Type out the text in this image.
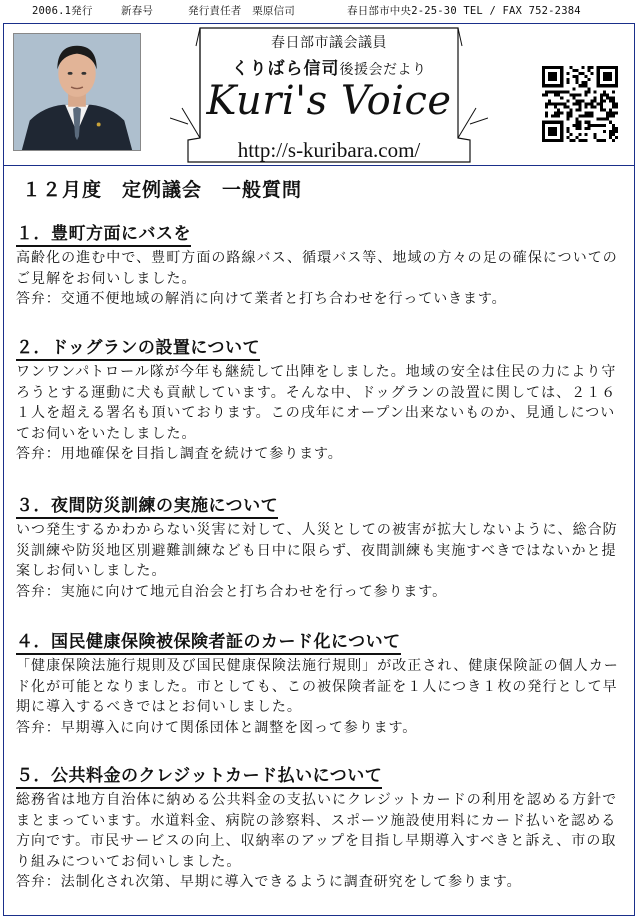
2006.1発行	新春号	発行責任者　栗原信司	春日部市中央2-25-30 TEL / FAX 752-2384
春日部市議会議員
くりばら信司後援会だより
Kuri's Voice
http://s-kuribara.com/
１２月度　定例議会　一般質問
１．豊町方面にバスを
高齢化の進む中で、豊町方面の路線バス、循環バス等、地域の方々の足の確保についてのご見解をお伺いしました。
答弁：交通不便地域の解消に向けて業者と打ち合わせを行っていきます。
２．ドッグランの設置について
ワンワンパトロール隊が今年も継続して出陣をしました。地域の安全は住民の力により守ろうとする運動に犬も貢献しています。そんな中、ドッグランの設置に関しては、２１６１人を超える署名も頂いております。この戌年にオープン出来ないものか、見通しについてお伺いをいたしました。
答弁：用地確保を目指し調査を続けて参ります。
３．夜間防災訓練の実施について
いつ発生するかわからない災害に対して、人災としての被害が拡大しないように、総合防災訓練や防災地区別避難訓練なども日中に限らず、夜間訓練も実施すべきではないかと提案しお伺いしました。
答弁：実施に向けて地元自治会と打ち合わせを行って参ります。
４．国民健康保険被保険者証のカード化について
「健康保険法施行規則及び国民健康保険法施行規則」が改正され、健康保険証の個人カード化が可能となりました。市としても、この被保険者証を１人につき１枚の発行として早期に導入するべきではとお伺いしました。
答弁：早期導入に向けて関係団体と調整を図って参ります。
５．公共料金のクレジットカード払いについて
総務省は地方自治体に納める公共料金の支払いにクレジットカードの利用を認める方針でまとまっています。水道料金、病院の診察料、スポーツ施設使用料にカード払いを認める方向です。市民サービスの向上、収納率のアップを目指し早期導入すべきと訴え、市の取り組みについてお伺いしました。
答弁：法制化され次第、早期に導入できるように調査研究をして参ります。
